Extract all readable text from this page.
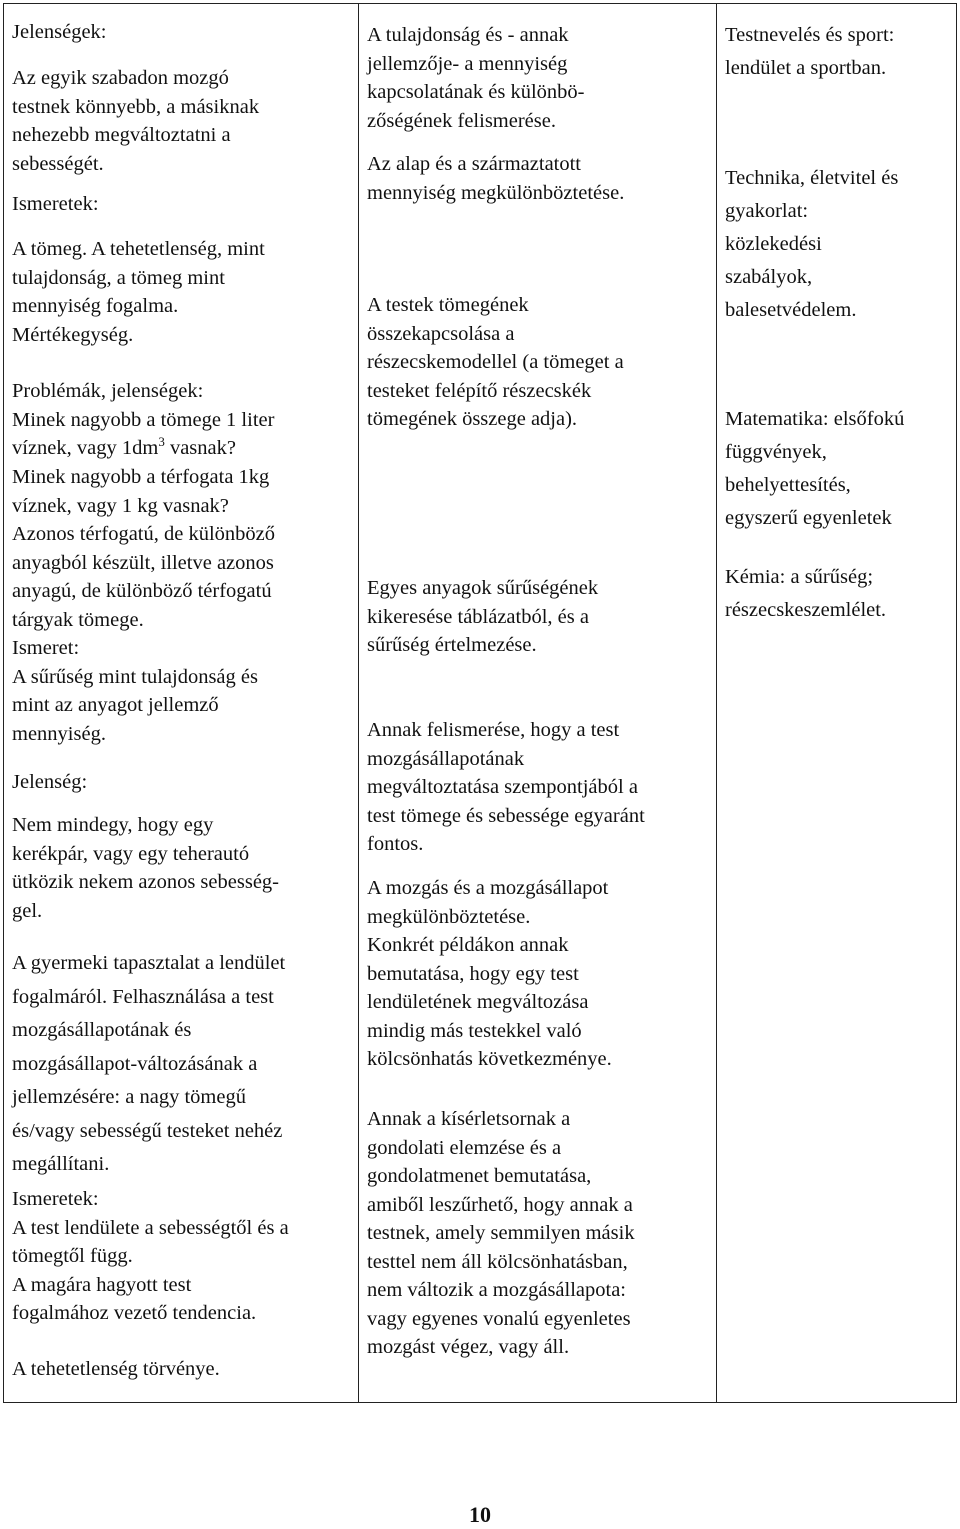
Jelenségek:

Az egyik szabadon mozgó
testnek könnyebb, a másiknak
nehezebb megváltoztatni a
sebességét.

Ismeretek:

A tömeg. A tehetetlenség, mint
tulajdonság, a tömeg mint
mennyiség fogalma.
Mértékegység.

Problémák, jelenségek:
Minek nagyobb a tömege 1 liter

víznek, vagy $1dm^3$ vasnak?

Minek nagyobb a térfogata 1kg
víznek, vagy 1 kg vasnak?
Azonos térfogatú, de különböző
anyagból készült, illetve azonos
anyagú, de különböző térfogatú
tárgyak tömege.
Ismeret:
A sűrűség mint tulajdonság és
mint az anyagot jellemző
mennyiség.

Jelenség:

Nem mindegy, hogy egy
kerékpár, vagy egy teherautó
ütközik nekem azonos sebesség-
gel.

A gyermeki tapasztalat a lendület
fogalmáról. Felhasználása a test
mozgásállapotának és
mozgásállapot-változásának a
jellemzésére: a nagy tömegű
és/vagy sebességű testeket nehéz
megállítani.

Ismeretek:
A test lendülete a sebességtől és a
tömegtől függ.
A magára hagyott test
fogalmához vezető tendencia.

A tehetetlenség törvénye.

A tulajdonság és - annak
jellemzője- a mennyiség
kapcsolatának és különbö-
zőségének felismerése.

Az alap és a származtatott
mennyiség megkülönböztetése.

A testek tömegének
összekapcsolása a
részecskemodellel (a tömeget a
testeket felépítő részecskék
tömegének összege adja).

Egyes anyagok sűrűségének
kikeresése táblázatból, és a
sűrűség értelmezése.

Annak felismerése, hogy a test
mozgásállapotának
megváltoztatása szempontjából a
test tömege és sebessége egyaránt
fontos.

A mozgás és a mozgásállapot
megkülönböztetése.
Konkrét példákon annak
bemutatása, hogy egy test
lendületének megváltozása
mindig más testekkel való
kölcsönhatás következménye.

Annak a kísérletsornak a
gondolati elemzése és a
gondolatmenet bemutatása,
amiből leszűrhető, hogy annak a
testnek, amely semmilyen másik
testtel nem áll kölcsönhatásban,
nem változik a mozgásállapota:
vagy egyenes vonalú egyenletes
mozgást végez, vagy áll.

Testnevelés és sport:
lendület a sportban.

Technika, életvitel és
gyakorlat:
közlekedési
szabályok,
balesetvédelem.

Matematika: elsőfokú
függvények,
behelyettesítés,
egyszerű egyenletek

Kémia: a sűrűség;
részecskeszemlélet.

10
